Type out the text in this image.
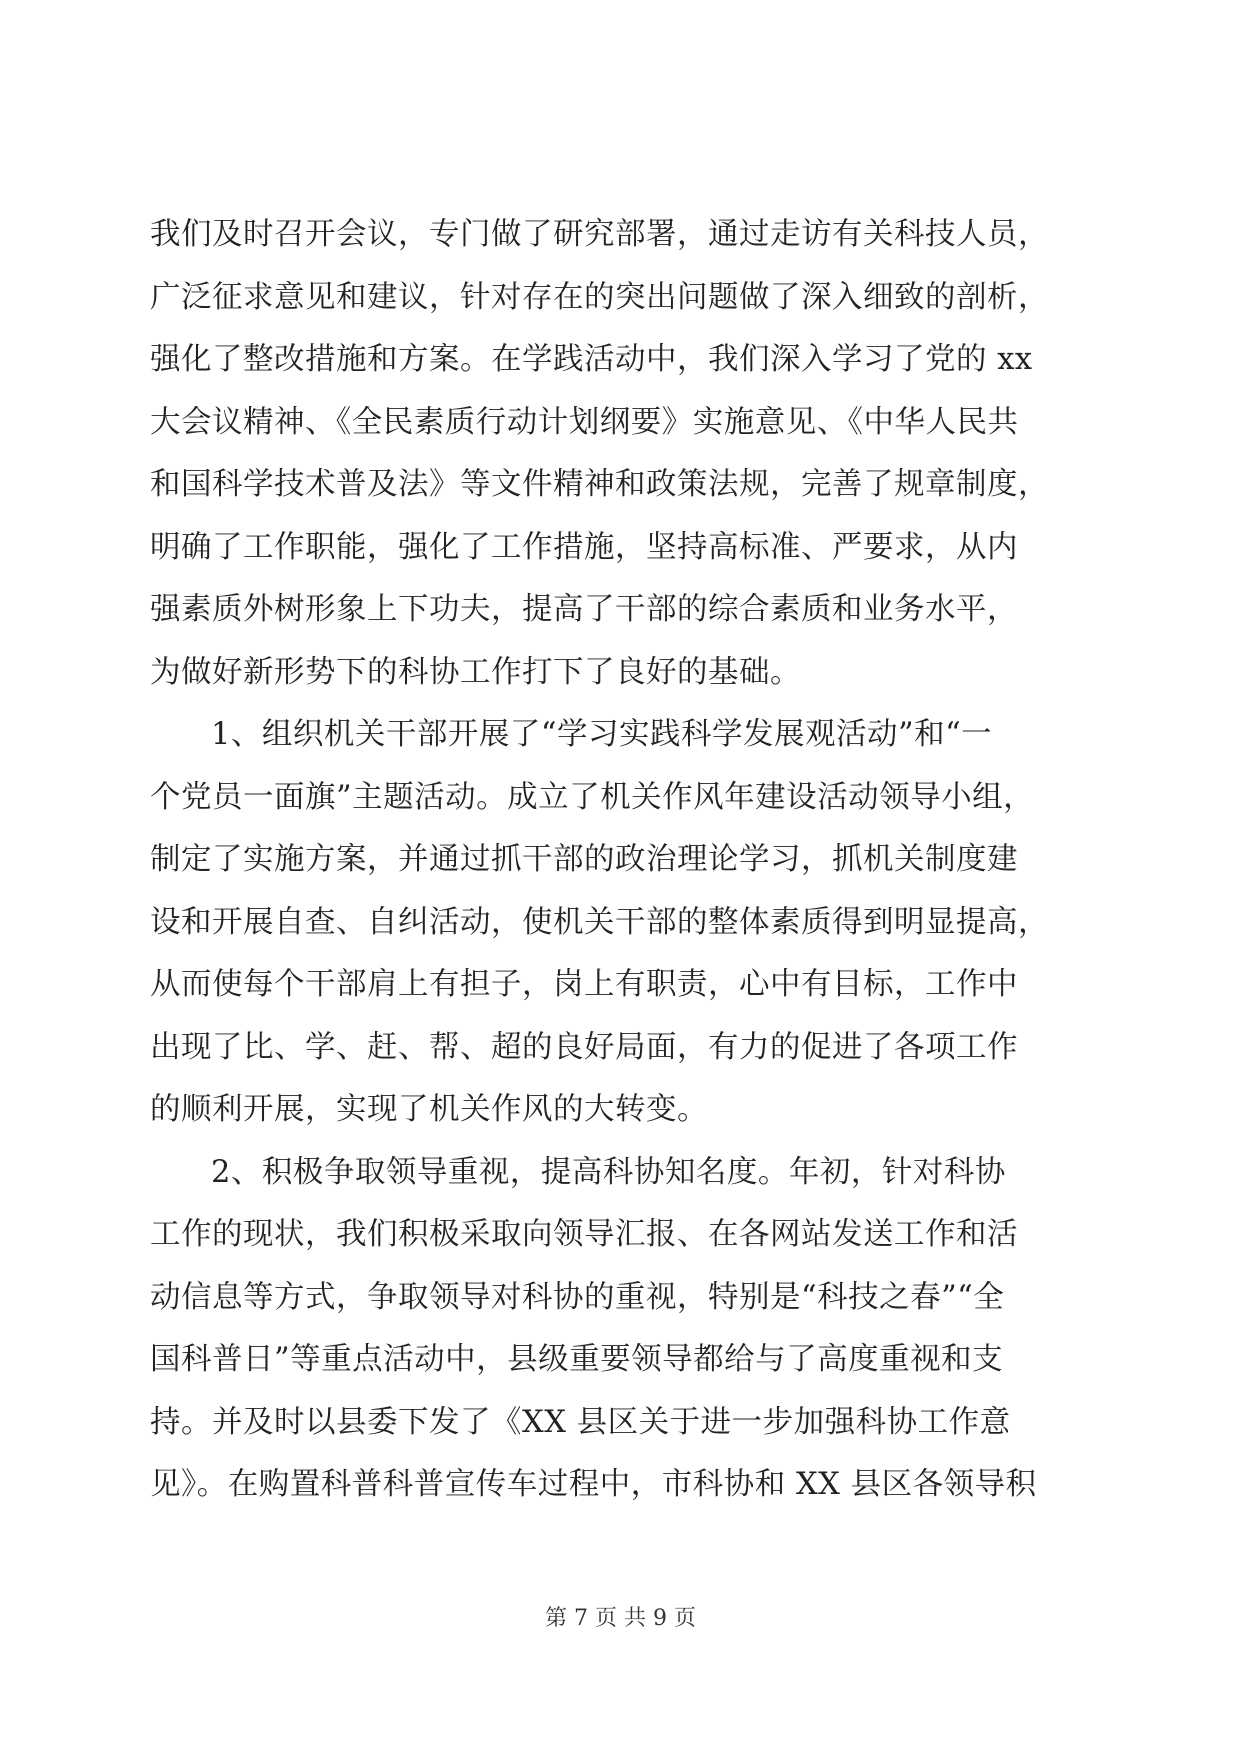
我们及时召开会议，专门做了研究部署，通过走访有关科技人员，
广泛征求意见和建议，针对存在的突出问题做了深入细致的剖析，
强化了整改措施和方案。在学践活动中，我们深入学习了党的 xx
大会议精神、《全民素质行动计划纲要》实施意见、《中华人民共
和国科学技术普及法》等文件精神和政策法规，完善了规章制度，
明确了工作职能，强化了工作措施，坚持高标准、严要求，从内
强素质外树形象上下功夫，提高了干部的综合素质和业务水平，
为做好新形势下的科协工作打下了良好的基础。
1、组织机关干部开展了“学习实践科学发展观活动”和“一
个党员一面旗”主题活动。成立了机关作风年建设活动领导小组，
制定了实施方案，并通过抓干部的政治理论学习，抓机关制度建
设和开展自查、自纠活动，使机关干部的整体素质得到明显提高，
从而使每个干部肩上有担子，岗上有职责，心中有目标，工作中
出现了比、学、赶、帮、超的良好局面，有力的促进了各项工作
的顺利开展，实现了机关作风的大转变。
2、积极争取领导重视，提高科协知名度。年初，针对科协
工作的现状，我们积极采取向领导汇报、在各网站发送工作和活
动信息等方式，争取领导对科协的重视，特别是“科技之春”“全
国科普日”等重点活动中，县级重要领导都给与了高度重视和支
持。并及时以县委下发了《XX 县区关于进一步加强科协工作意
见》。在购置科普科普宣传车过程中，市科协和 XX 县区各领导积
第 7 页 共 9 页
